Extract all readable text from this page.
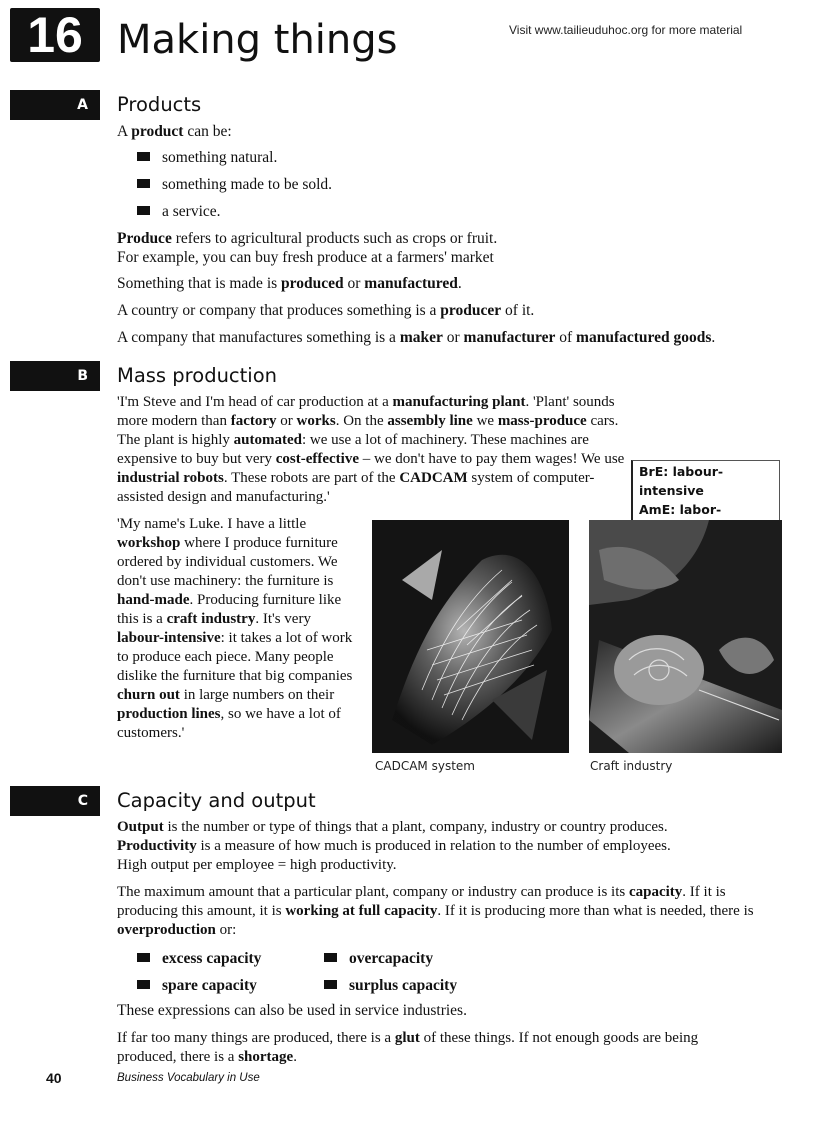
16 Making things	Visit www.tailieuduhoc.org for more material
A	Products

A product can be:

something natural.
something made to be sold.
a service.

Produce refers to agricultural products such as crops or fruit.
For example, you can buy fresh produce at a farmers' market

Something that is made is produced or manufactured.

A country or company that produces something is a producer of it.

A company that manufactures something is a maker or manufacturer of manufactured goods.

B	Mass production

'I'm Steve and I'm head of car production at a manufacturing plant. 'Plant' sounds more modern than factory or works. On the assembly line we mass-produce cars. The plant is highly automated: we use a lot of machinery. These machines are expensive to buy but very cost-effective – we don't have to pay them wages! We use industrial robots. These robots are part of the CADCAM system of computer-assisted design and manufacturing.'

BrE: labour-intensive
AmE: labor-

'My name's Luke. I have a little workshop where I produce furniture ordered by individual customers. We don't use machinery: the furniture is hand-made. Producing furniture like this is a craft industry. It's very labour-intensive: it takes a lot of work to produce each piece. Many people dislike the furniture that big companies churn out in large numbers on their production lines, so we have a lot of customers.'

CADCAM system	Craft industry
C	Capacity and output

Output is the number or type of things that a plant, company, industry or country produces.
Productivity is a measure of how much is produced in relation to the number of employees.
High output per employee = high productivity.

The maximum amount that a particular plant, company or industry can produce is its capacity. If it is producing this amount, it is working at full capacity. If it is producing more than what is needed, there is overproduction or:

excess capacity	overcapacity
spare capacity	surplus capacity

These expressions can also be used in service industries.

If far too many things are produced, there is a glut of these things. If not enough goods are being produced, there is a shortage.

40	Business Vocabulary in Use
